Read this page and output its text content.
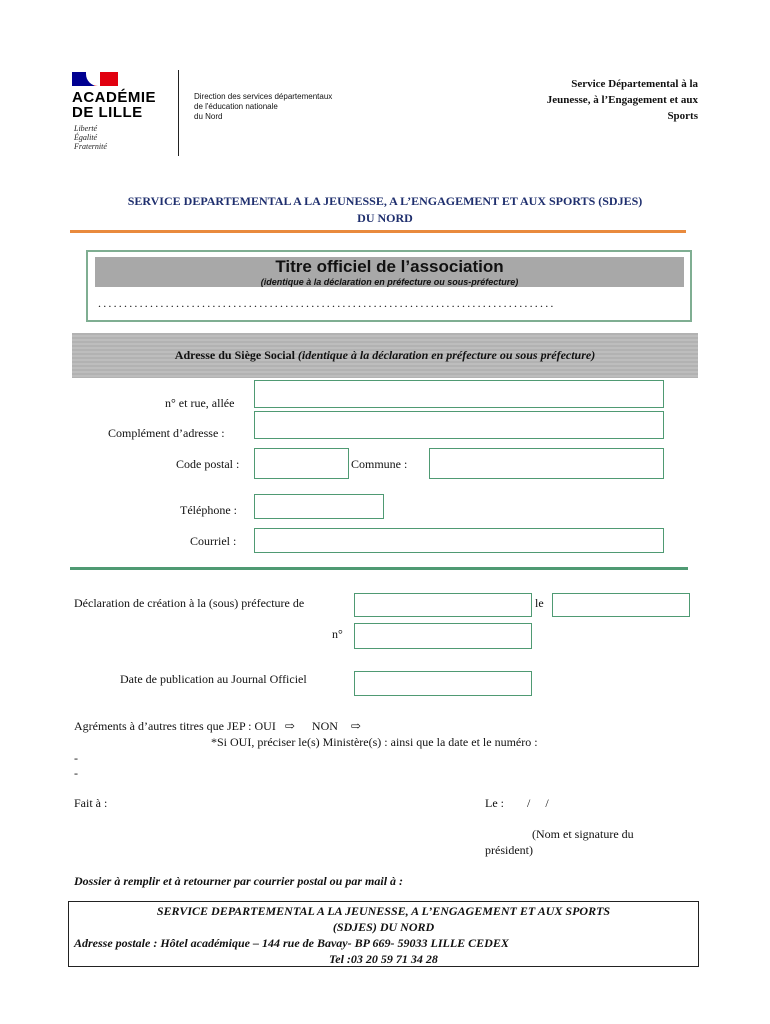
ACADÉMIE
DE LILLE
Liberté
Égalité
Fraternité
Direction des services départementaux
de l'éducation nationale
du Nord
Service Départemental à la
Jeunesse, à l’Engagement et aux
Sports
SERVICE DEPARTEMENTAL A LA JEUNESSE, A L’ENGAGEMENT ET AUX SPORTS (SDJES)
DU NORD
Titre officiel de l’association
(identique à la déclaration en préfecture ou sous-préfecture)
........................................................................................
Adresse du Siège Social (identique à la déclaration en préfecture ou sous préfecture)
n° et rue, allée
Complément d’adresse :
Code postal :	Commune :
Téléphone :
Courriel :
Déclaration de création à la (sous) préfecture de	le
n°
Date de publication au Journal Officiel
Agréments à d’autres titres que JEP : OUI ⇨ NON ⇨
*Si OUI, préciser le(s) Ministère(s) : ainsi que la date et le numéro :
-
-
Fait à :	Le : /     /
(Nom et signature du
président)
Dossier à remplir et à retourner par courrier postal ou par mail à :
SERVICE DEPARTEMENTAL A LA JEUNESSE, A L’ENGAGEMENT ET AUX SPORTS
(SDJES) DU NORD
Adresse postale : Hôtel académique – 144 rue de Bavay- BP 669- 59033 LILLE CEDEX
Tel :03 20 59 71 34 28
